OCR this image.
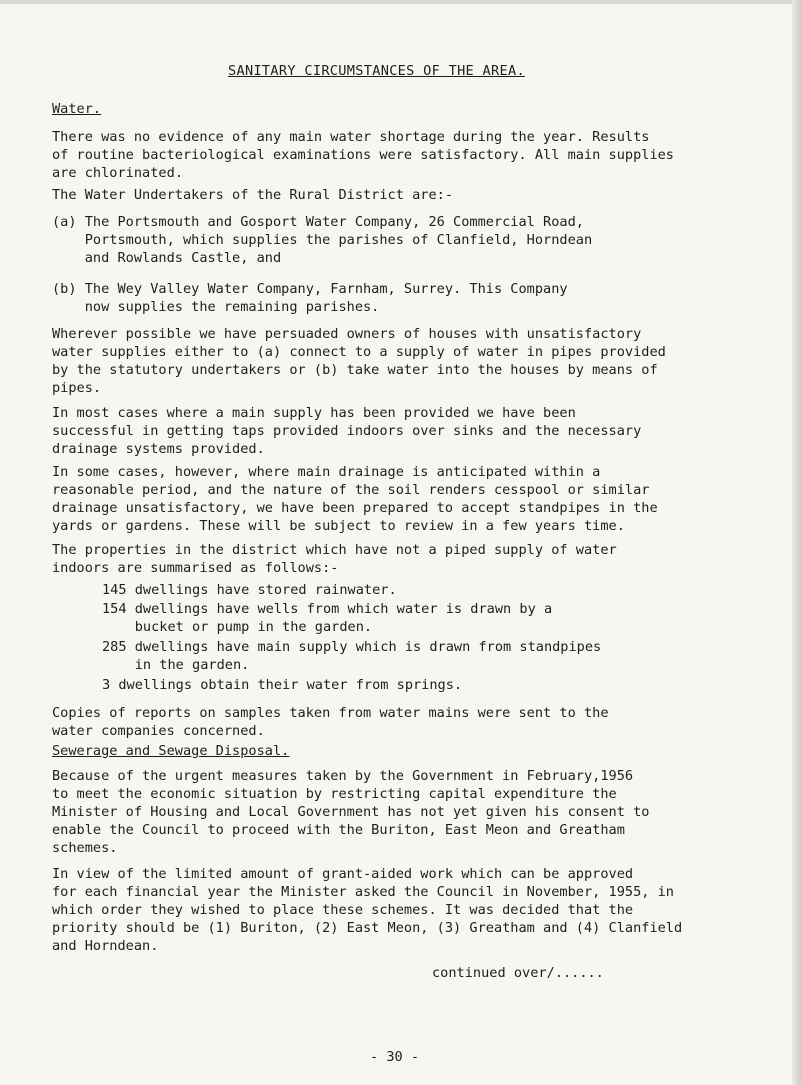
SANITARY CIRCUMSTANCES OF THE AREA.

Water.

There was no evidence of any main water shortage during the year. Results
of routine bacteriological examinations were satisfactory. All main supplies
are chlorinated.

The Water Undertakers of the Rural District are:-

(a) The Portsmouth and Gosport Water Company, 26 Commercial Road,
Portsmouth, which supplies the parishes of Clanfield, Horndean
and Rowlands Castle, and

(b) The Wey Valley Water Company, Farnham, Surrey. This Company
now supplies the remaining parishes.

Wherever possible we have persuaded owners of houses with unsatisfactory
water supplies either to (a) connect to a supply of water in pipes provided
by the statutory undertakers or (b) take water into the houses by means of
pipes.

In most cases where a main supply has been provided we have been
successful in getting taps provided indoors over sinks and the necessary
drainage systems provided.

In some cases, however, where main drainage is anticipated within a
reasonable period, and the nature of the soil renders cesspool or similar
drainage unsatisfactory, we have been prepared to accept standpipes in the
yards or gardens. These will be subject to review in a few years time.

The properties in the district which have not a piped supply of water
indoors are summarised as follows:-

145 dwellings have stored rainwater.

154 dwellings have wells from which water is drawn by a
bucket or pump in the garden.

285 dwellings have main supply which is drawn from standpipes
in the garden.

3 dwellings obtain their water from springs.

Copies of reports on samples taken from water mains were sent to the
water companies concerned.

Sewerage and Sewage Disposal.

Because of the urgent measures taken by the Government in February,1956
to meet the economic situation by restricting capital expenditure the
Minister of Housing and Local Government has not yet given his consent to
enable the Council to proceed with the Buriton, East Meon and Greatham
schemes.

In view of the limited amount of grant-aided work which can be approved
for each financial year the Minister asked the Council in November, 1955, in
which order they wished to place these schemes. It was decided that the
priority should be (1) Buriton, (2) East Meon, (3) Greatham and (4) Clanfield
and Horndean.

continued over/......

- 30 -
